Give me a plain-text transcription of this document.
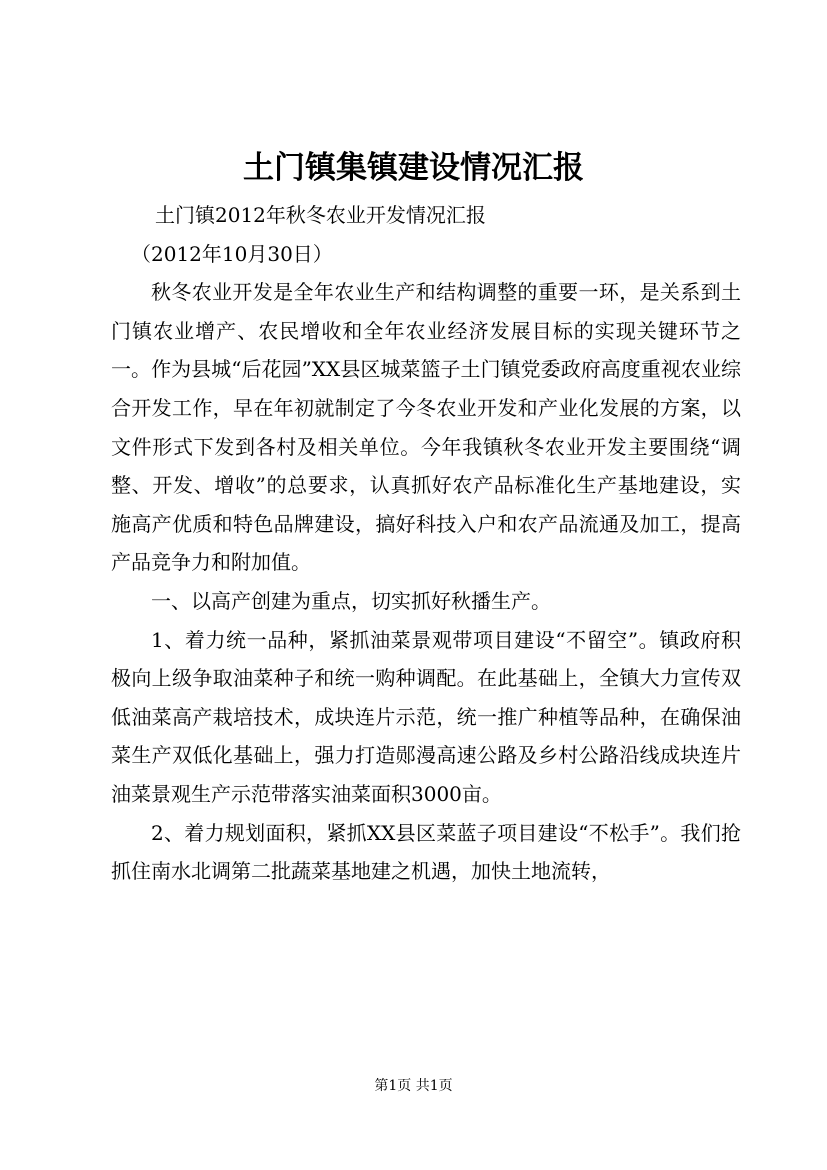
土门镇集镇建设情况汇报

土门镇2012年秋冬农业开发情况汇报

（2012年10月30日）

秋冬农业开发是全年农业生产和结构调整的重要一环，是关系到土门镇农业增产、农民增收和全年农业经济发展目标的实现关键环节之一。作为县城“后花园”XX县区城菜篮子土门镇党委政府高度重视农业综合开发工作，早在年初就制定了今冬农业开发和产业化发展的方案，以文件形式下发到各村及相关单位。今年我镇秋冬农业开发主要围绕“调整、开发、增收”的总要求，认真抓好农产品标准化生产基地建设，实施高产优质和特色品牌建设，搞好科技入户和农产品流通及加工，提高产品竞争力和附加值。

一、以高产创建为重点，切实抓好秋播生产。

1、着力统一品种，紧抓油菜景观带项目建设“不留空”。镇政府积极向上级争取油菜种子和统一购种调配。在此基础上，全镇大力宣传双低油菜高产栽培技术，成块连片示范，统一推广种植等品种，在确保油菜生产双低化基础上，强力打造郧漫高速公路及乡村公路沿线成块连片油菜景观生产示范带落实油菜面积3000亩。

2、着力规划面积，紧抓XX县区菜蓝子项目建设“不松手”。我们抢抓住南水北调第二批蔬菜基地建之机遇，加快土地流转，

第1页 共1页
